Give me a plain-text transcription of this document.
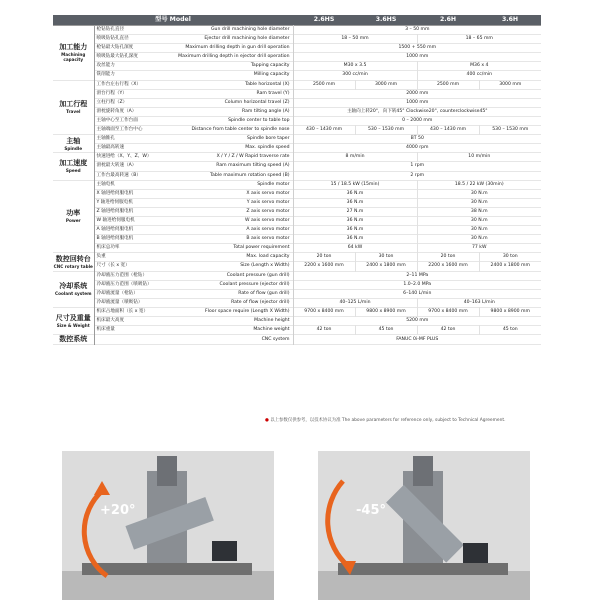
型号 Model			2.6HS	3.6HS	2.6H	3.6H

加工能力
Machining capacity	枪钻钻孔直径	Gun drill machining hole diameter	3 – 50 mm			
	喷吸钻钻孔直径	Ejector drill machining hole diameter	18 – 50 mm		18 – 65 mm	
	枪钻最大钻孔深度	Maximum drilling depth in gun drill operation	1500 + 550 mm			
	喷吸钻最大钻孔深度	Maximum drilling depth in ejector drill operation	1000 mm			
	攻丝能力	Tapping capacity	M30 x 3.5		M36 x 4	
	铣削能力	Milling capacity	300 cc/min		400 cc/min	

加工行程
Travel	工作台左右行程（X）	Table horizontal (X)	2500 mm	3000 mm	2500 mm	3000 mm
	滑台行程（Y）	Ram travel (Y)	2000 mm			
	立柱行程（Z）	Column horizontal travel (Z)	1000 mm			
	滑枕旋转角度（A）	Ram tilting angle (A)	主轴向上转20°，向下转45° Clockwise20°, counterclockwise45°			
	主轴中心至工作台面	Spindle center to table top	0 – 2000 mm			
	主轴端面至工作台中心	Distance from table center to spindle nose	430 – 1430 mm	530 – 1530 mm	430 – 1430 mm	530 – 1530 mm

主轴
Spindle	主轴锥孔	Spindle bore taper	BT 50			
	主轴最高转速	Max. spindle speed	4000 rpm			

加工速度
Speed	快速进给（X、Y、Z、W）	X / Y / Z / W Rapid traverse rate	8 m/min		10 m/min	
	滑枕最大转速（A）	Ram maximum tilting speed (A)	1 rpm			
	工作台最高转速（B）	Table maximum rotation speed (B)	2 rpm			

功率
Power	主轴电机	Spindle motor	15 / 18.5 kW (15min)		18.5 / 22 kW (30min)	
	X 轴进给伺服电机	X axis servo motor	36 N.m		30 N.m	
	Y 轴进给伺服电机	Y axis servo motor	36 N.m		30 N.m	
	Z 轴进给伺服电机	Z axis servo motor	27 N.m		38 N.m	
	W 轴进给伺服电机	W axis servo motor	36 N.m		30 N.m	
	A 轴进给伺服电机	A axis servo motor	36 N.m		30 N.m	
	B 轴进给伺服电机	B axis servo motor	36 N.m		30 N.m	
	机床总功率	Total power requirement	64 kW		77 kW	

数控回转台
CNC rotary table	负重	Max. load capacity	20 ton	30 ton	20 ton	30 ton
	尺寸（长 x 宽）	Size (Length x Width)	2200 x 1600 mm	2400 x 1800 mm	2200 x 1600 mm	2400 x 1800 mm

冷却系统
Coolant system	冷却液压力范围（枪钻）	Coolant pressure (gun drill)	2–11 MPa			
	冷却液压力范围（喷吸钻）	Coolant pressure (ejector drill)	1.0–2.0 MPa			
	冷却液流量（枪钻）	Rate of flow (gun drill)	6–140 L/min			
	冷却液流量（喷吸钻）	Rate of flow (ejector drill)	40–125 L/min		40–163 L/min	

尺寸及重量
Size & Weight	机床占地面积（长 x 宽）	Floor space require (Length X Width)	9700 x 8400 mm	9800 x 8900 mm	9700 x 8400 mm	9800 x 8900 mm
	机床最大高度	Machine height	5200 mm			
	机床重量	Machine weight	42 ton	45 ton	42 ton	45 ton

数控系统		CNC system	FANUC 0i-MF PLUS			
● 以上参数仅供参考，以技术协议为准 The above parameters for reference only, subject to Technical Agreement.
+20°	-45°
